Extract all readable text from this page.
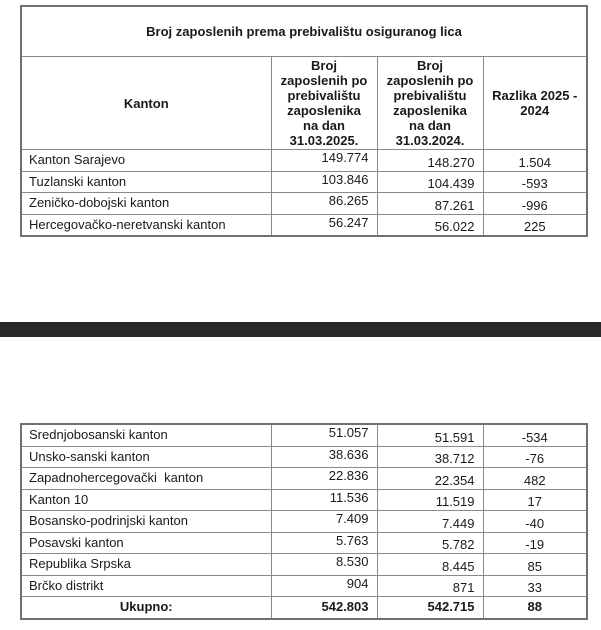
Broj zaposlenih prema prebivalištu osiguranog lica			
Kanton	Broj
zaposlenih po
prebivalištu
zaposlenika
na dan
31.03.2025.	Broj
zaposlenih po
prebivalištu
zaposlenika
na dan
31.03.2024.	Razlika 2025 -
2024
Kanton Sarajevo	149.774	148.270	1.504
Tuzlanski kanton	103.846	104.439	-593
Zeničko-dobojski kanton	86.265	87.261	-996
Hercegovačko-neretvanski kanton	56.247	56.022	225
Srednjobosanski kanton	51.057	51.591	-534
Unsko-sanski kanton	38.636	38.712	-76
Zapadnohercegovački  kanton	22.836	22.354	482
Kanton 10	11.536	11.519	17
Bosansko-podrinjski kanton	7.409	7.449	-40
Posavski kanton	5.763	5.782	-19
Republika Srpska	8.530	8.445	85
Brčko distrikt	904	871	33
Ukupno:	542.803	542.715	88
